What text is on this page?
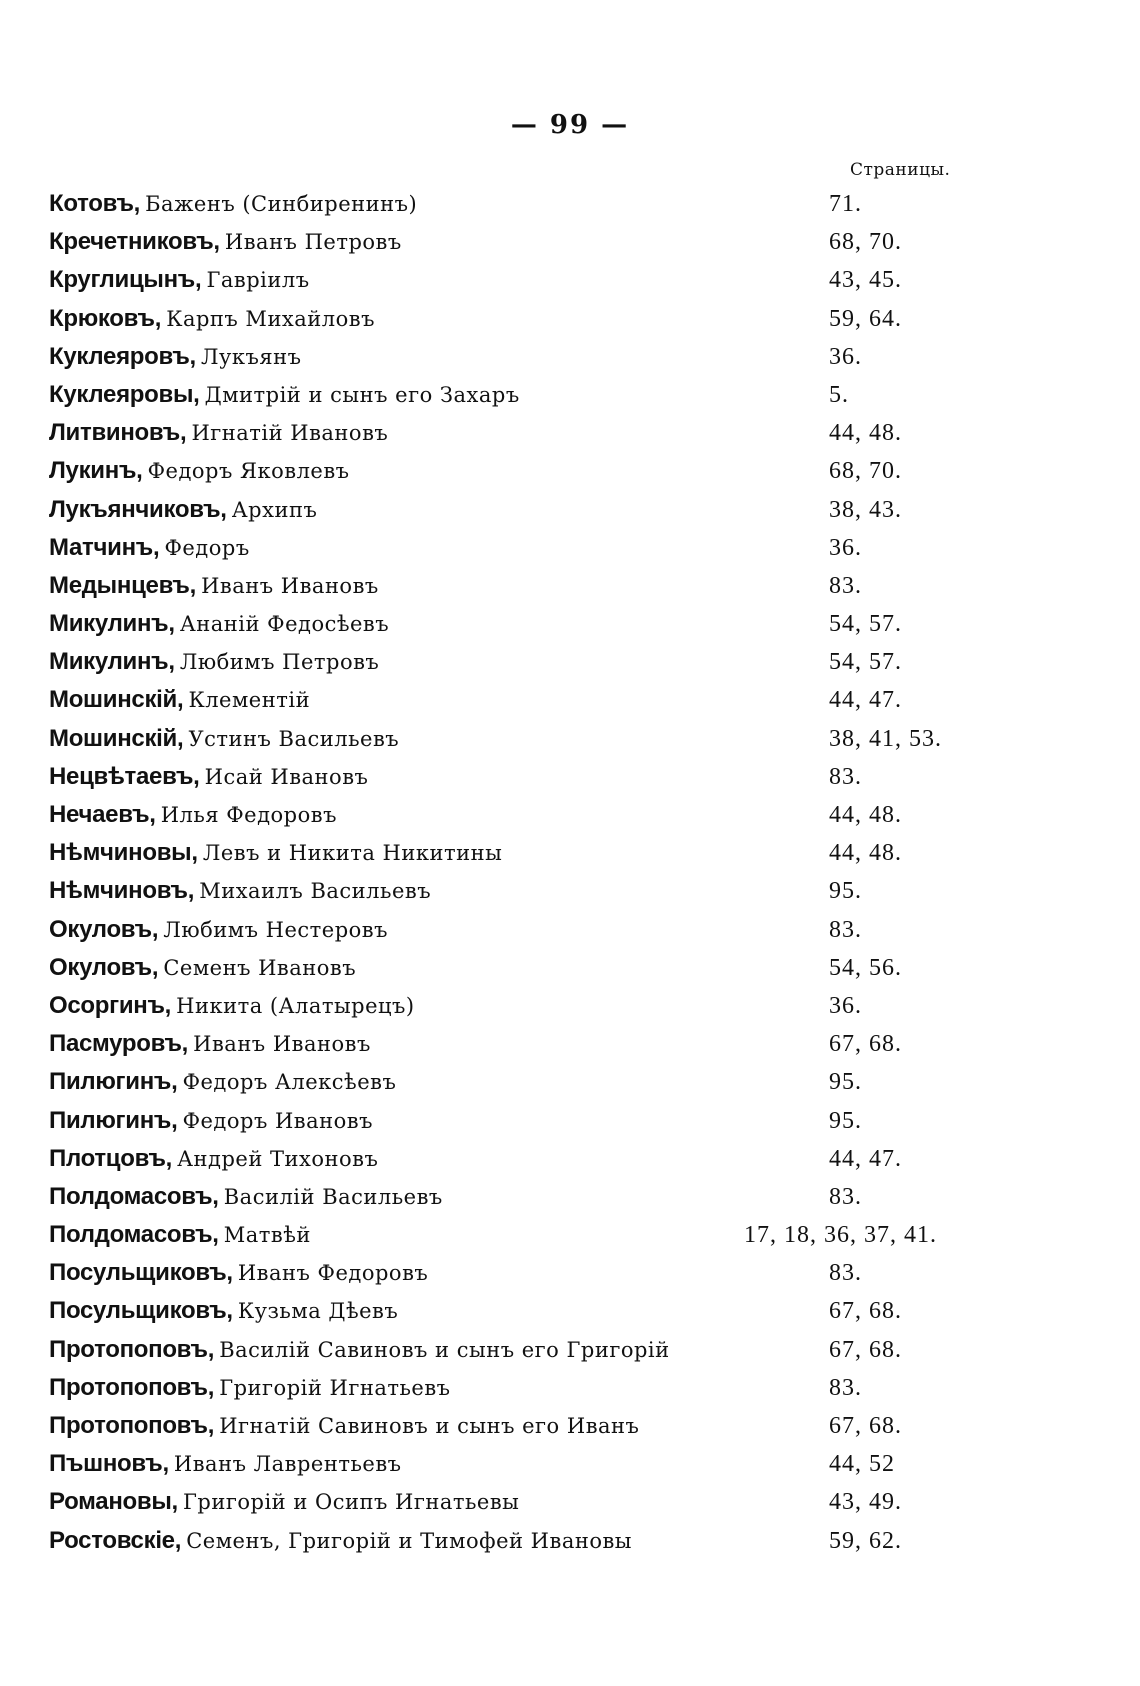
— 99 —
Страницы.
Котовъ, Баженъ (Синбирeнинъ)	71.
Кречетниковъ, Иванъ Петровъ	68, 70.
Круглицынъ, Гаврiилъ	43, 45.
Крюковъ, Карпъ Михайловъ	59, 64.
Куклеяровъ, Лукъянъ	36.
Куклеяровы, Дмитрiй и сынъ его Захаръ	5.
Литвиновъ, Игнатiй Ивановъ	44, 48.
Лукинъ, Федоръ Яковлевъ	68, 70.
Лукъянчиковъ, Архипъ	38, 43.
Матчинъ, Федоръ	36.
Медынцевъ, Иванъ Ивановъ	83.
Микулинъ, Ананiй Федосѣевъ	54, 57.
Микулинъ, Любимъ Петровъ	54, 57.
Мошинскiй, Клементiй	44, 47.
Мошинскiй, Устинъ Васильевъ	38, 41, 53.
Нецвѣтаевъ, Исай Ивановъ	83.
Нечаевъ, Илья Федоровъ	44, 48.
Нѣмчиновы, Левъ и Никита Никитины	44, 48.
Нѣмчиновъ, Михаилъ Васильевъ	95.
Окуловъ, Любимъ Нестеровъ	83.
Окуловъ, Семенъ Ивановъ	54, 56.
Осоргинъ, Никита (Алатырецъ)	36.
Пасмуровъ, Иванъ Ивановъ	67, 68.
Пилюгинъ, Федоръ Алексѣевъ	95.
Пилюгинъ, Федоръ Ивановъ	95.
Плотцовъ, Андрей Тихоновъ	44, 47.
Полдомасовъ, Василiй Васильевъ	83.
Полдомасовъ, Матвѣй	17, 18, 36, 37, 41.
Посульщиковъ, Иванъ Федоровъ	83.
Посульщиковъ, Кузьма Дѣевъ	67, 68.
Протопоповъ, Василiй Савиновъ и сынъ его Григорiй	67, 68.
Протопоповъ, Григорiй Игнатьевъ	83.
Протопоповъ, Игнатiй Савиновъ и сынъ его Иванъ	67, 68.
Пъшновъ, Иванъ Лаврентьевъ	44, 52
Романовы, Григорiй и Осипъ Игнатьевы	43, 49.
Ростовскiе, Семенъ, Григорiй и Тимофей Ивановы	59, 62.
